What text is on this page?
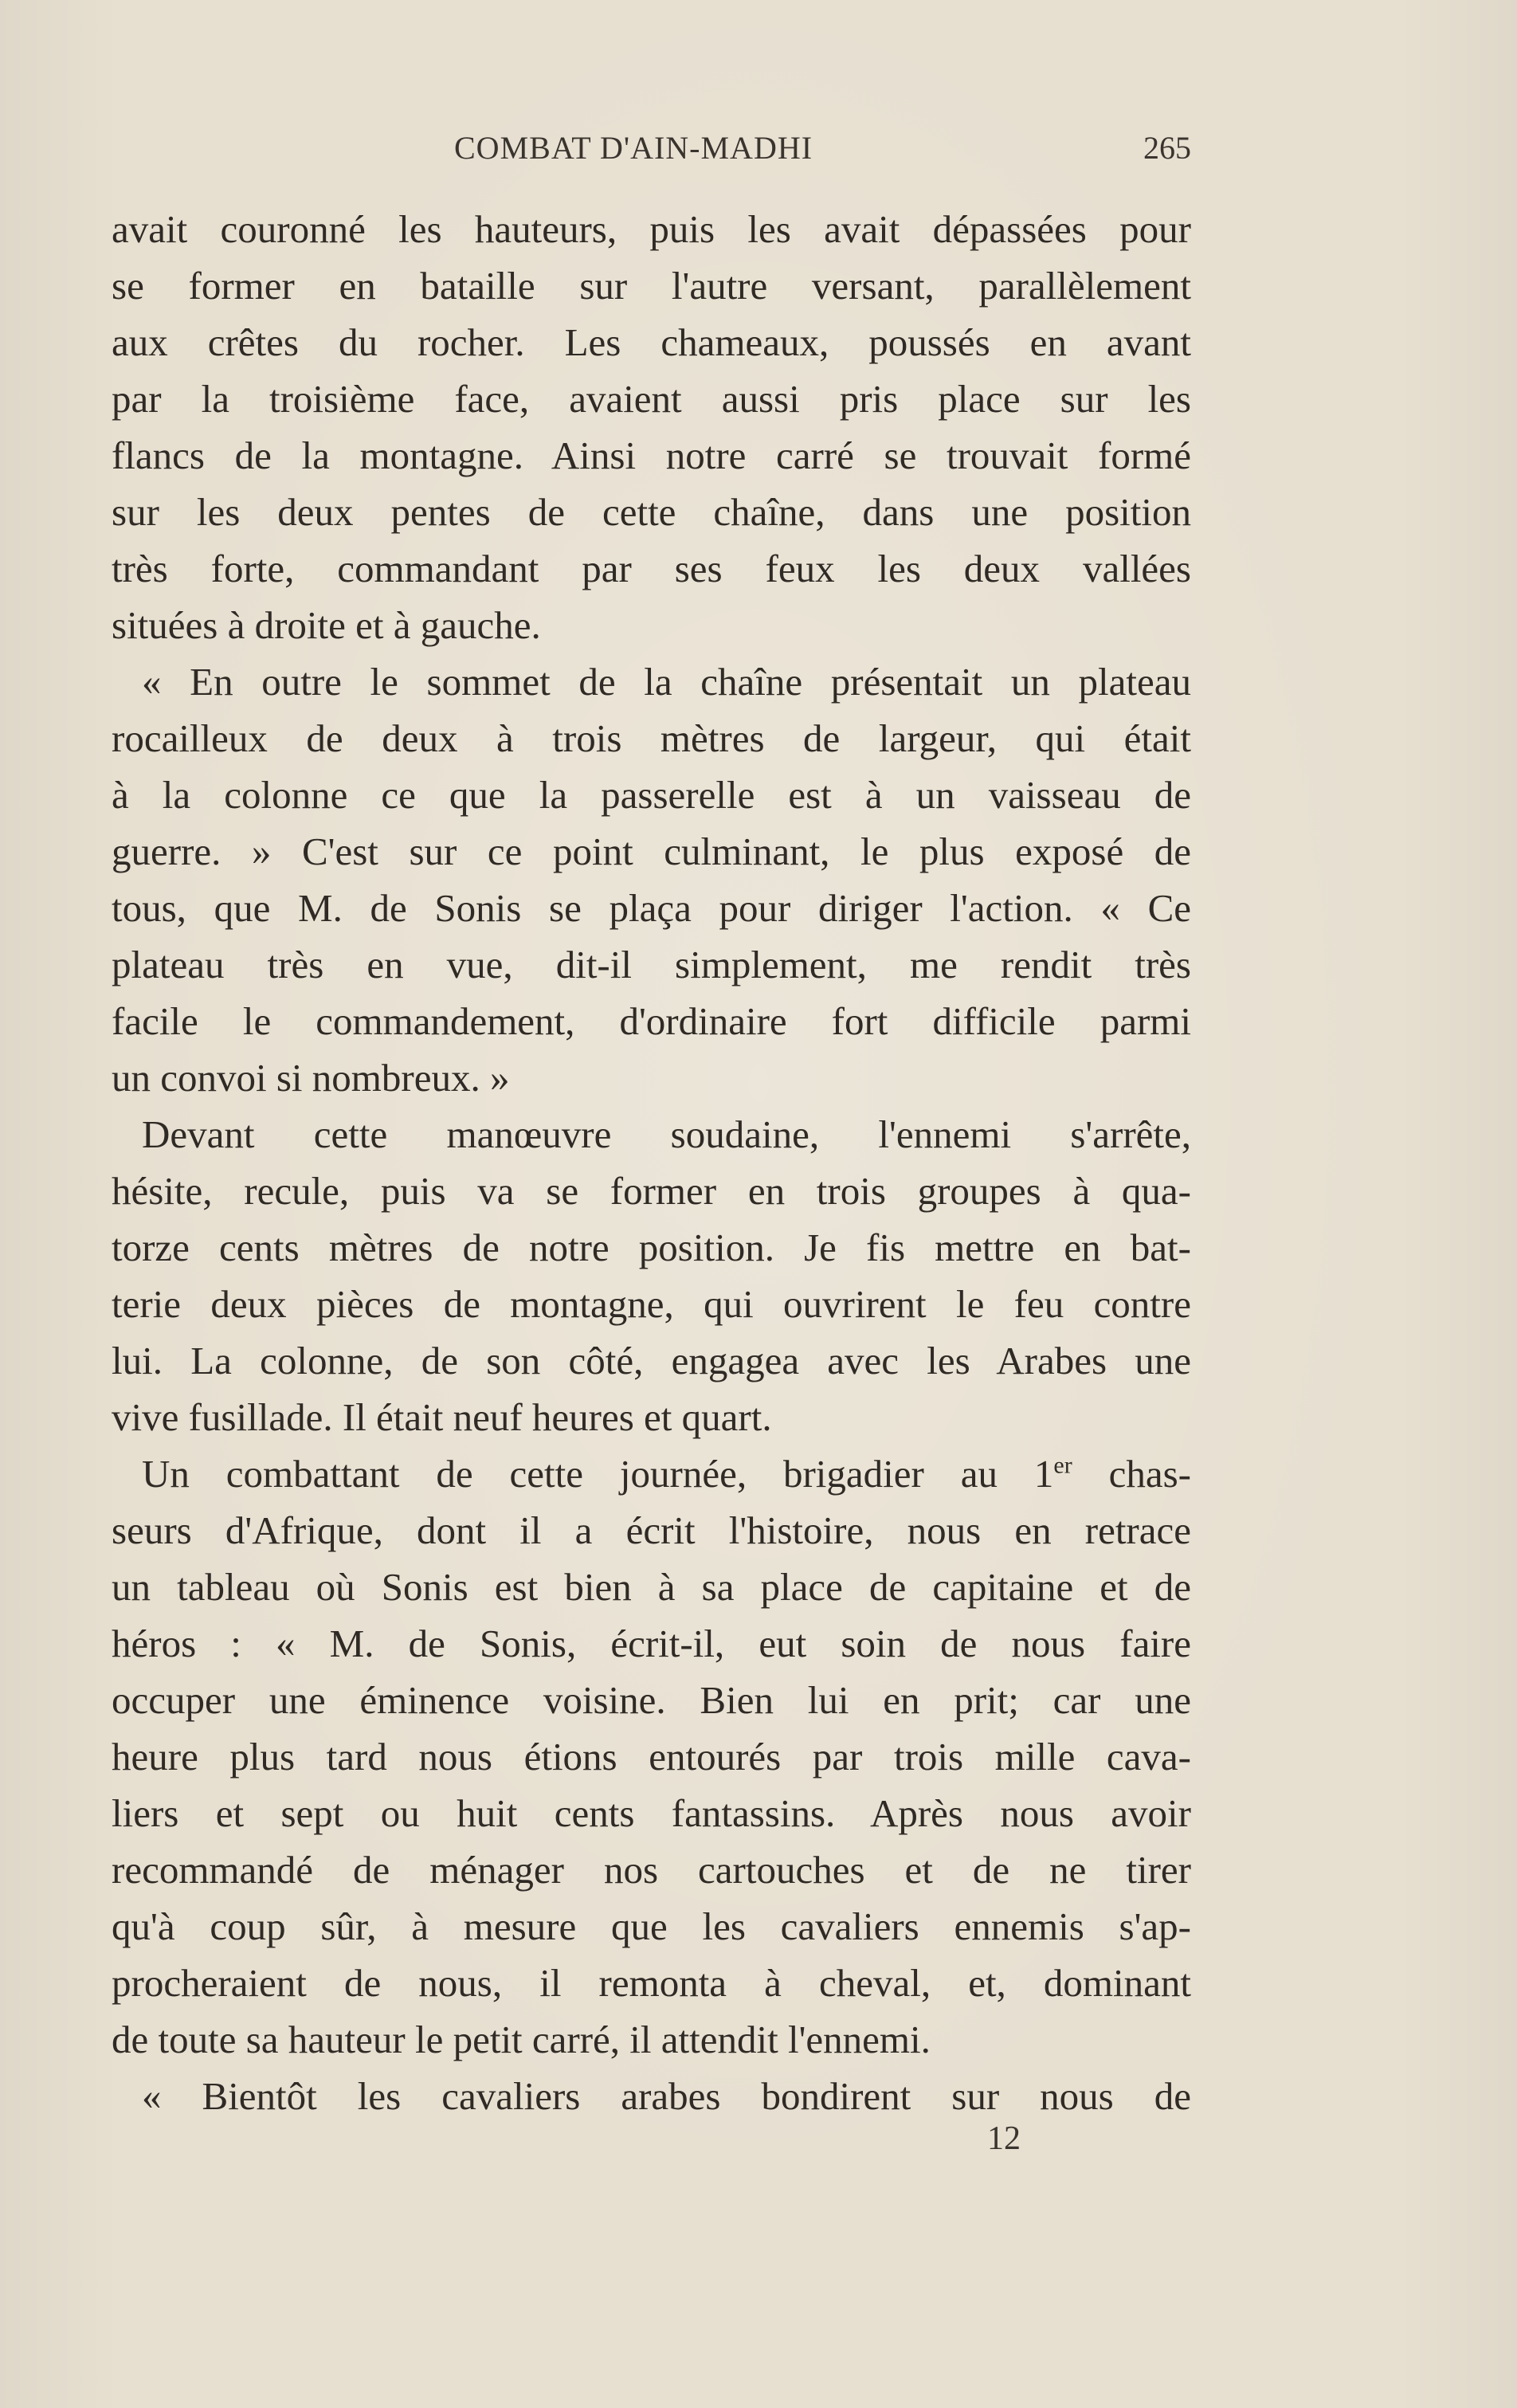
COMBAT D'AIN-MADHI	265
avait couronné les hauteurs, puis les avait dépassées pour
se former en bataille sur l'autre versant, parallèlement
aux crêtes du rocher. Les chameaux, poussés en avant
par la troisième face, avaient aussi pris place sur les
flancs de la montagne. Ainsi notre carré se trouvait formé
sur les deux pentes de cette chaîne, dans une position
très forte, commandant par ses feux les deux vallées
situées à droite et à gauche.
« En outre le sommet de la chaîne présentait un plateau
rocailleux de deux à trois mètres de largeur, qui était
à la colonne ce que la passerelle est à un vaisseau de
guerre. » C'est sur ce point culminant, le plus exposé de
tous, que M. de Sonis se plaça pour diriger l'action. « Ce
plateau très en vue, dit-il simplement, me rendit très
facile le commandement, d'ordinaire fort difficile parmi
un convoi si nombreux. »
Devant cette manœuvre soudaine, l'ennemi s'arrête,
hésite, recule, puis va se former en trois groupes à qua-
torze cents mètres de notre position. Je fis mettre en bat-
terie deux pièces de montagne, qui ouvrirent le feu contre
lui. La colonne, de son côté, engagea avec les Arabes une
vive fusillade. Il était neuf heures et quart.
Un combattant de cette journée, brigadier au 1er chas-
seurs d'Afrique, dont il a écrit l'histoire, nous en retrace
un tableau où Sonis est bien à sa place de capitaine et de
héros : « M. de Sonis, écrit-il, eut soin de nous faire
occuper une éminence voisine. Bien lui en prit; car une
heure plus tard nous étions entourés par trois mille cava-
liers et sept ou huit cents fantassins. Après nous avoir
recommandé de ménager nos cartouches et de ne tirer
qu'à coup sûr, à mesure que les cavaliers ennemis s'ap-
procheraient de nous, il remonta à cheval, et, dominant
de toute sa hauteur le petit carré, il attendit l'ennemi.
« Bientôt les cavaliers arabes bondirent sur nous de
12
